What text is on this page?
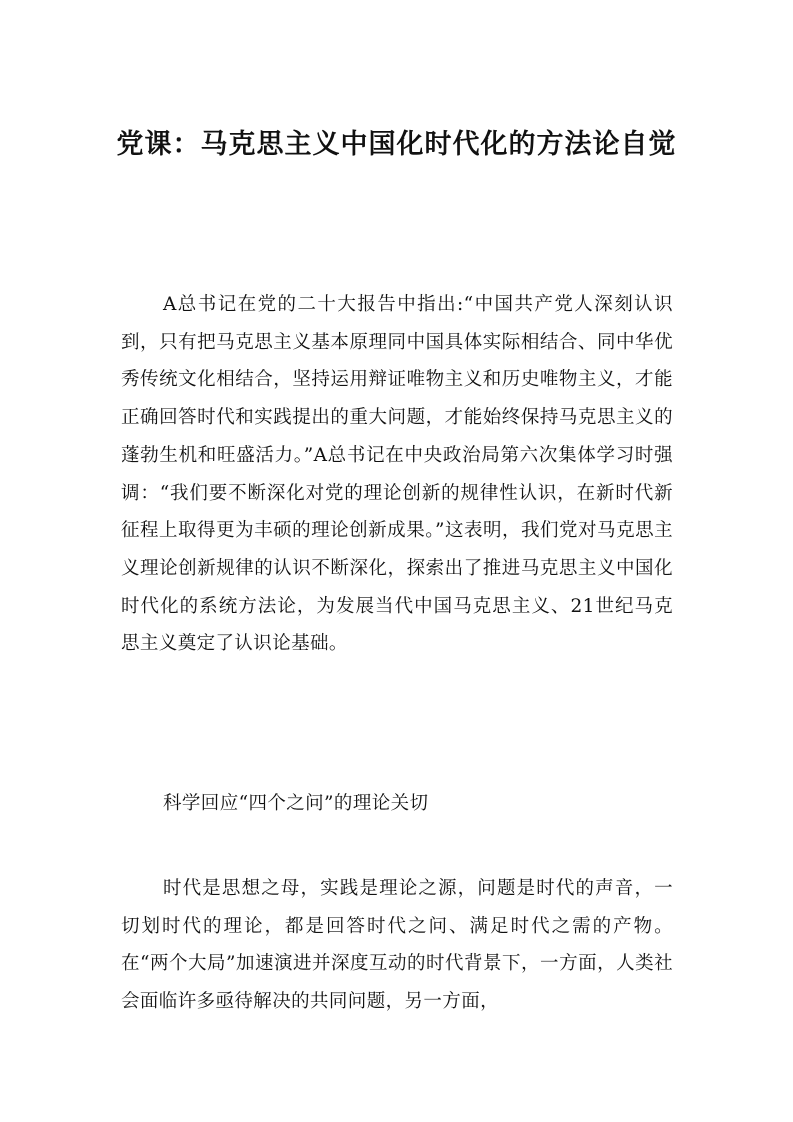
党课：马克思主义中国化时代化的方法论自觉

A总书记在党的二十大报告中指出:“中国共产党人深刻认识到，只有把马克思主义基本原理同中国具体实际相结合、同中华优秀传统文化相结合，坚持运用辩证唯物主义和历史唯物主义，才能正确回答时代和实践提出的重大问题，才能始终保持马克思主义的蓬勃生机和旺盛活力。”A总书记在中央政治局第六次集体学习时强调：“我们要不断深化对党的理论创新的规律性认识，在新时代新征程上取得更为丰硕的理论创新成果。”这表明，我们党对马克思主义理论创新规律的认识不断深化，探索出了推进马克思主义中国化时代化的系统方法论，为发展当代中国马克思主义、21世纪马克思主义奠定了认识论基础。

科学回应“四个之问”的理论关切

时代是思想之母，实践是理论之源，问题是时代的声音，一切划时代的理论，都是回答时代之问、满足时代之需的产物。在“两个大局”加速演进并深度互动的时代背景下，一方面，人类社会面临许多亟待解决的共同问题，另一方面，
